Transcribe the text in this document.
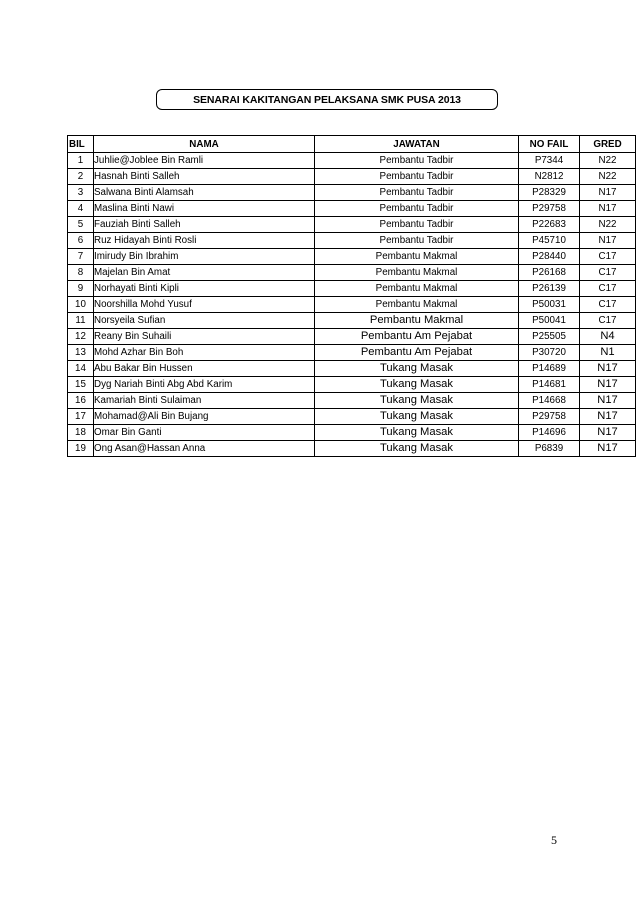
SENARAI KAKITANGAN PELAKSANA SMK PUSA 2013
BIL	NAMA	JAWATAN	NO FAIL	GRED
1	Juhlie@Joblee Bin Ramli	Pembantu Tadbir	P7344	N22
2	Hasnah Binti Salleh	Pembantu Tadbir	N2812	N22
3	Salwana Binti Alamsah	Pembantu Tadbir	P28329	N17
4	Maslina Binti Nawi	Pembantu Tadbir	P29758	N17
5	Fauziah Binti Salleh	Pembantu Tadbir	P22683	N22
6	Ruz Hidayah Binti Rosli	Pembantu Tadbir	P45710	N17
7	Imirudy Bin Ibrahim	Pembantu Makmal	P28440	C17
8	Majelan Bin Amat	Pembantu Makmal	P26168	C17
9	Norhayati Binti Kipli	Pembantu Makmal	P26139	C17
10	Noorshilla Mohd Yusuf	Pembantu Makmal	P50031	C17
11	Norsyeila Sufian	Pembantu Makmal	P50041	C17
12	Reany Bin Suhaili	Pembantu Am Pejabat	P25505	N4
13	Mohd Azhar Bin Boh	Pembantu Am Pejabat	P30720	N1
14	Abu Bakar Bin Hussen	Tukang Masak	P14689	N17
15	Dyg Nariah Binti Abg Abd Karim	Tukang Masak	P14681	N17
16	Kamariah Binti Sulaiman	Tukang Masak	P14668	N17
17	Mohamad@Ali Bin Bujang	Tukang Masak	P29758	N17
18	Omar Bin Ganti	Tukang Masak	P14696	N17
19	Ong Asan@Hassan Anna	Tukang Masak	P6839	N17
5
